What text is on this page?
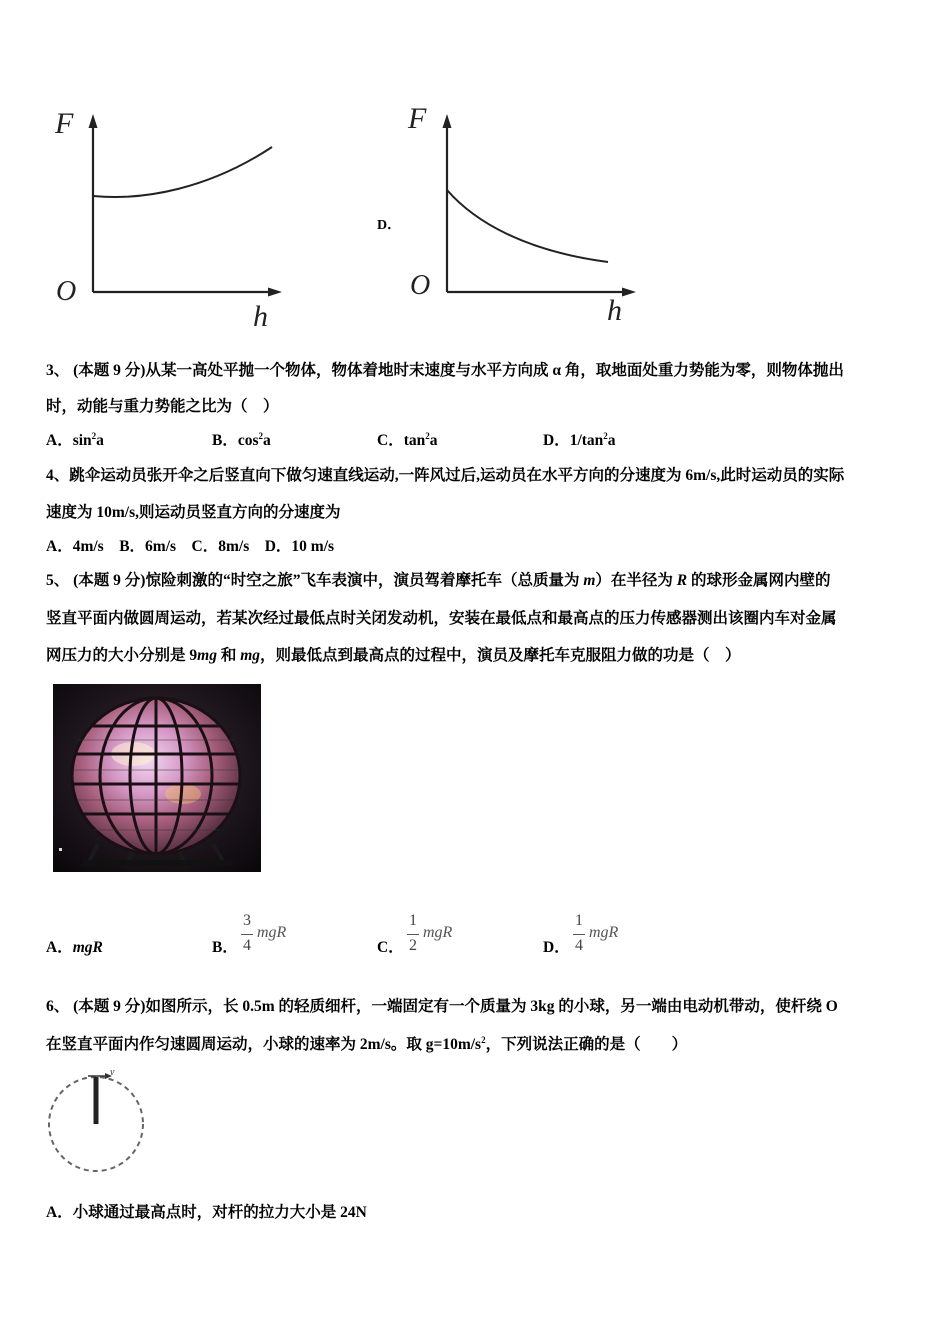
F
O
h
D．
F
O
h
3、 (本题 9 分)从某一高处平抛一个物体，物体着地时末速度与水平方向成 α 角，取地面处重力势能为零，则物体抛出
时，动能与重力势能之比为（　）
A．$\sin^2a$	B．$\cos^2a$	C．$\tan^2a$	D．$1/\tan^2a$
4、跳伞运动员张开伞之后竖直向下做匀速直线运动,一阵风过后,运动员在水平方向的分速度为 6m/s,此时运动员的实际
速度为 10m/s,则运动员竖直方向的分速度为
A．4m/s　B．6m/s　C．8m/s　D．10 m/s
5、 (本题 9 分)惊险刺激的“时空之旅”飞车表演中，演员驾着摩托车（总质量为 m）在半径为 R 的球形金属网内壁的
竖直平面内做圆周运动，若某次经过最低点时关闭发动机，安装在最低点和最高点的压力传感器测出该圈内车对金属
网压力的大小分别是 9mg 和 mg，则最低点到最高点的过程中，演员及摩托车克服阻力做的功是（　）
A．mgR	B．
3
4
mgR
C．
1
2
mgR
D．
1
4
mgR
6、 (本题 9 分)如图所示，长 0.5m 的轻质细杆，一端固定有一个质量为 3kg 的小球，另一端由电动机带动，使杆绕 O
在竖直平面内作匀速圆周运动，小球的速率为 2m/s。取 $g=10m/s^2$，下列说法正确的是（　　）
v
A．小球通过最高点时，对杆的拉力大小是 24N
